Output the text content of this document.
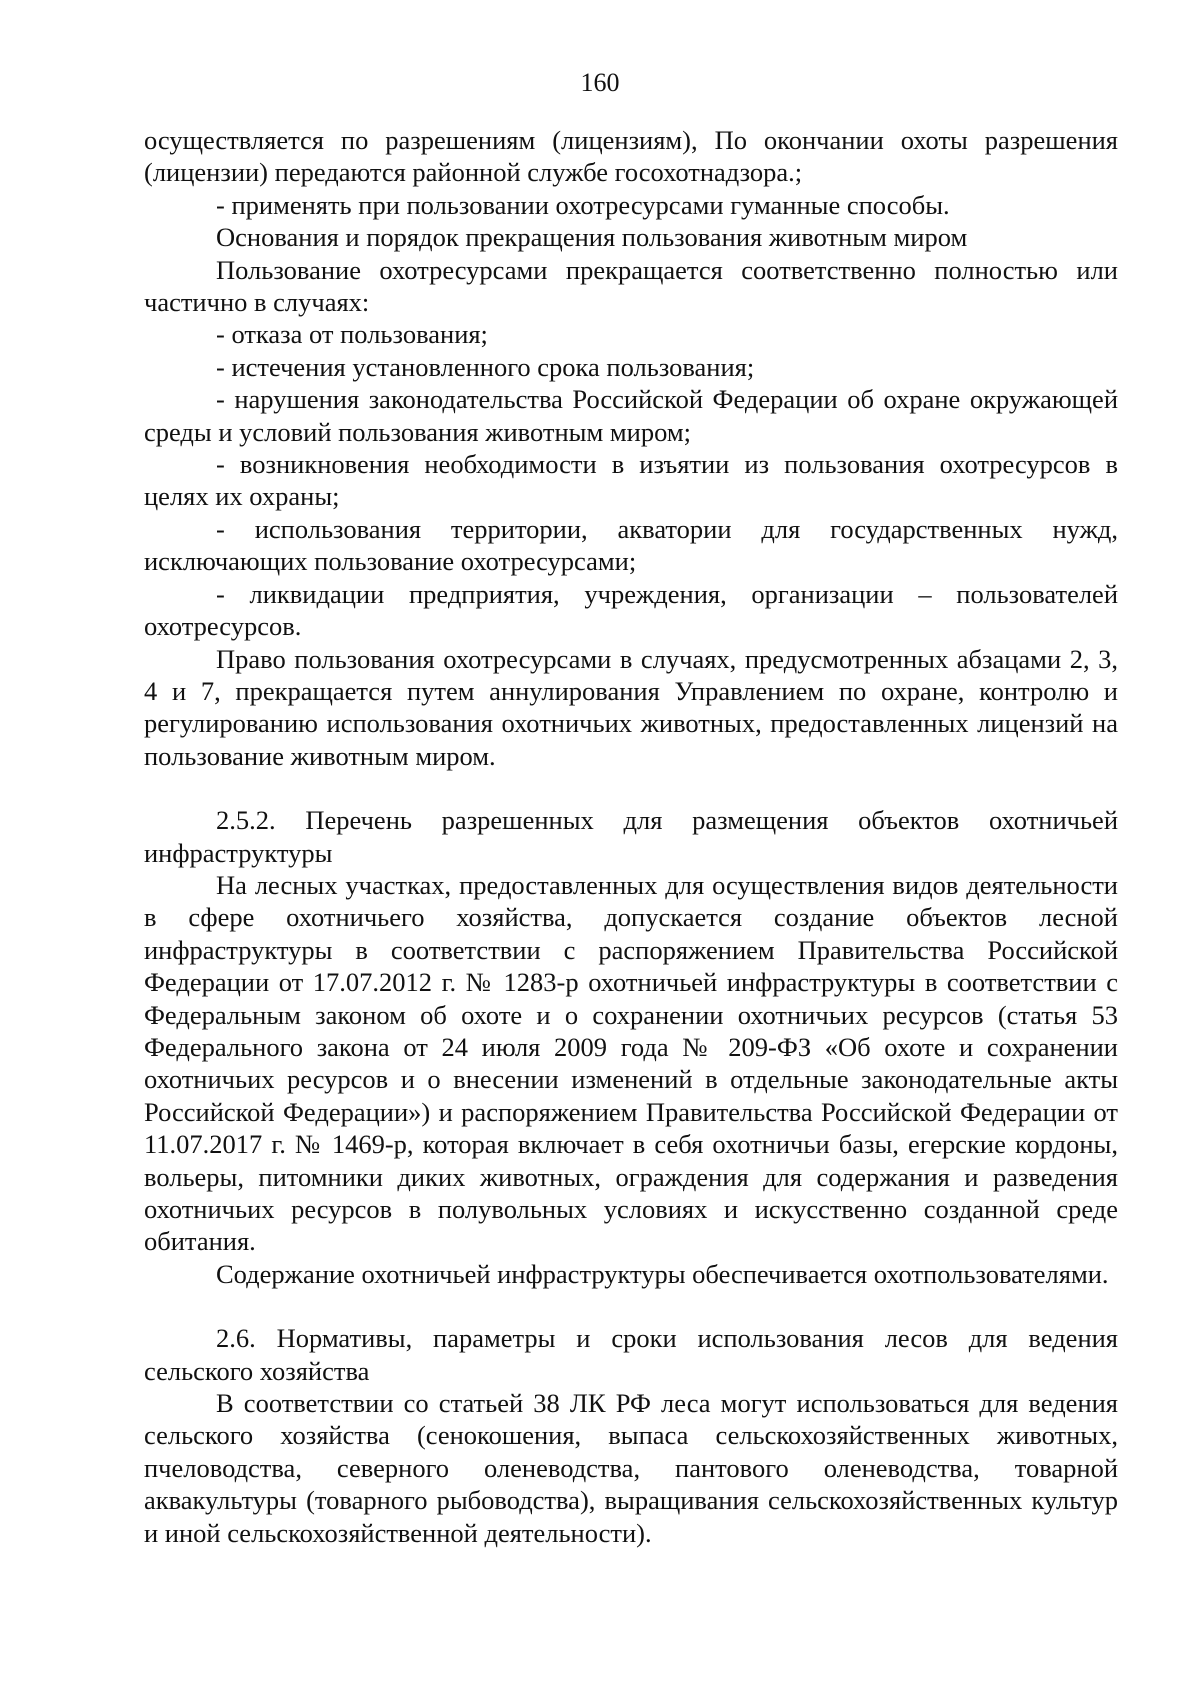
160

осуществляется по разрешениям (лицензиям), По окончании охоты разрешения (лицензии) передаются районной службе госохотнадзора.;

- применять при пользовании охотресурсами гуманные способы.

Основания и порядок прекращения пользования животным миром

Пользование охотресурсами прекращается соответственно полностью или частично в случаях:

- отказа от пользования;

- истечения установленного срока пользования;

- нарушения законодательства Российской Федерации об охране окружающей среды и условий пользования животным миром;

- возникновения необходимости в изъятии из пользования охотресурсов в целях их охраны;

- использования территории, акватории для государственных нужд, исключающих пользование охотресурсами;

- ликвидации предприятия, учреждения, организации – пользователей охотресурсов.

Право пользования охотресурсами в случаях, предусмотренных абзацами 2, 3, 4 и 7, прекращается путем аннулирования Управлением по охране, контролю и регулированию использования охотничьих животных, предоставленных лицензий на пользование животным миром.

2.5.2. Перечень разрешенных для размещения объектов охотничьей инфраструктуры

На лесных участках, предоставленных для осуществления видов деятельности в сфере охотничьего хозяйства, допускается создание объектов лесной инфраструктуры в соответствии с распоряжением Правительства Российской Федерации от 17.07.2012 г. № 1283-р охотничьей инфраструктуры в соответствии с Федеральным законом об охоте и о сохранении охотничьих ресурсов (статья 53 Федерального закона от 24 июля 2009 года № 209-ФЗ «Об охоте и сохранении охотничьих ресурсов и о внесении изменений в отдельные законодательные акты Российской Федерации») и распоряжением Правительства Российской Федерации от 11.07.2017 г. № 1469-р, которая включает в себя охотничьи базы, егерские кордоны, вольеры, питомники диких животных, ограждения для содержания и разведения охотничьих ресурсов в полувольных условиях и искусственно созданной среде обитания.

Содержание охотничьей инфраструктуры обеспечивается охотпользователями.

2.6. Нормативы, параметры и сроки использования лесов для ведения сельского хозяйства

В соответствии со статьей 38 ЛК РФ леса могут использоваться для ведения сельского хозяйства (сенокошения, выпаса сельскохозяйственных животных, пчеловодства, северного оленеводства, пантового оленеводства, товарной аквакультуры (товарного рыбоводства), выращивания сельскохозяйственных культур и иной сельскохозяйственной деятельности).
